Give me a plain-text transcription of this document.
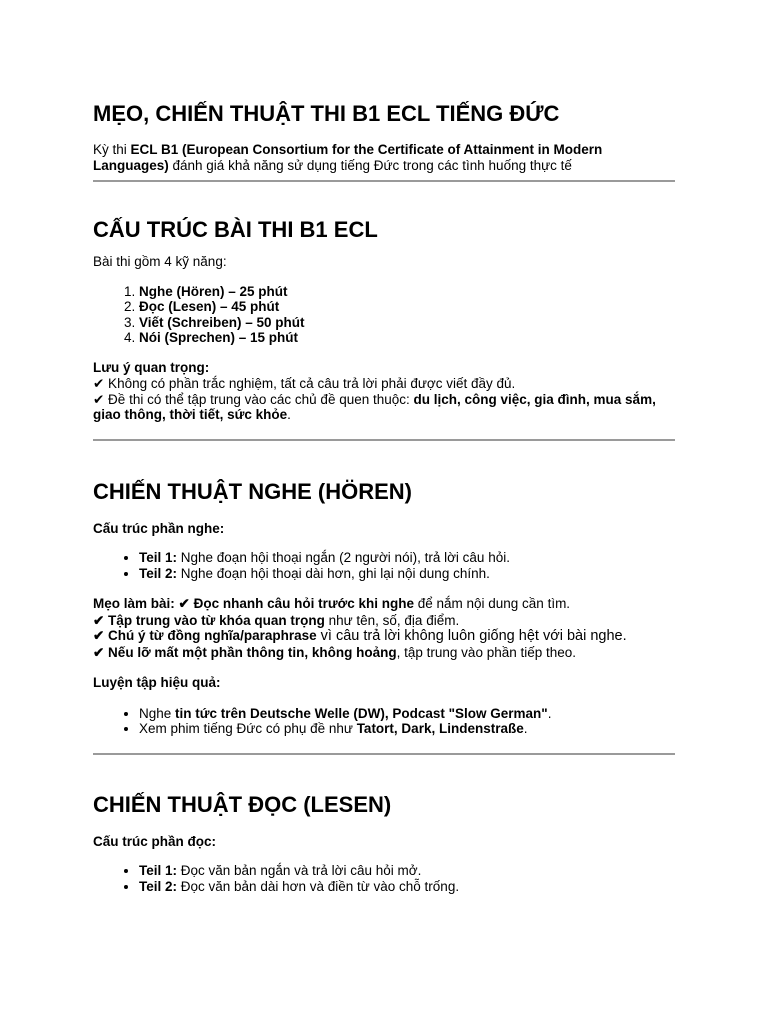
MẸO, CHIẾN THUẬT THI B1 ECL TIẾNG ĐỨC

Kỳ thi ECL B1 (European Consortium for the Certificate of Attainment in Modern Languages) đánh giá khả năng sử dụng tiếng Đức trong các tình huống thực tế

CẤU TRÚC BÀI THI B1 ECL

Bài thi gồm 4 kỹ năng:

1. Nghe (Hören) – 25 phút
2. Đọc (Lesen) – 45 phút
3. Viết (Schreiben) – 50 phút
4. Nói (Sprechen) – 15 phút

Lưu ý quan trọng:

✔ Không có phần trắc nghiệm, tất cả câu trả lời phải được viết đầy đủ.

✔ Đề thi có thể tập trung vào các chủ đề quen thuộc: du lịch, công việc, gia đình, mua sắm, giao thông, thời tiết, sức khỏe.

CHIẾN THUẬT NGHE (HÖREN)

Cấu trúc phần nghe:

• Teil 1: Nghe đoạn hội thoại ngắn (2 người nói), trả lời câu hỏi.
• Teil 2: Nghe đoạn hội thoại dài hơn, ghi lại nội dung chính.

Mẹo làm bài: ✔ Đọc nhanh câu hỏi trước khi nghe để nắm nội dung cần tìm.

✔ Tập trung vào từ khóa quan trọng như tên, số, địa điểm.

✔ Chú ý từ đồng nghĩa/paraphrase vì câu trả lời không luôn giống hệt với bài nghe.

✔ Nếu lỡ mất một phần thông tin, không hoảng, tập trung vào phần tiếp theo.

Luyện tập hiệu quả:

• Nghe tin tức trên Deutsche Welle (DW), Podcast "Slow German".
• Xem phim tiếng Đức có phụ đề như Tatort, Dark, Lindenstraße.
CHIẾN THUẬT ĐỌC (LESEN)

Cấu trúc phần đọc:

• Teil 1: Đọc văn bản ngắn và trả lời câu hỏi mở.
• Teil 2: Đọc văn bản dài hơn và điền từ vào chỗ trống.
